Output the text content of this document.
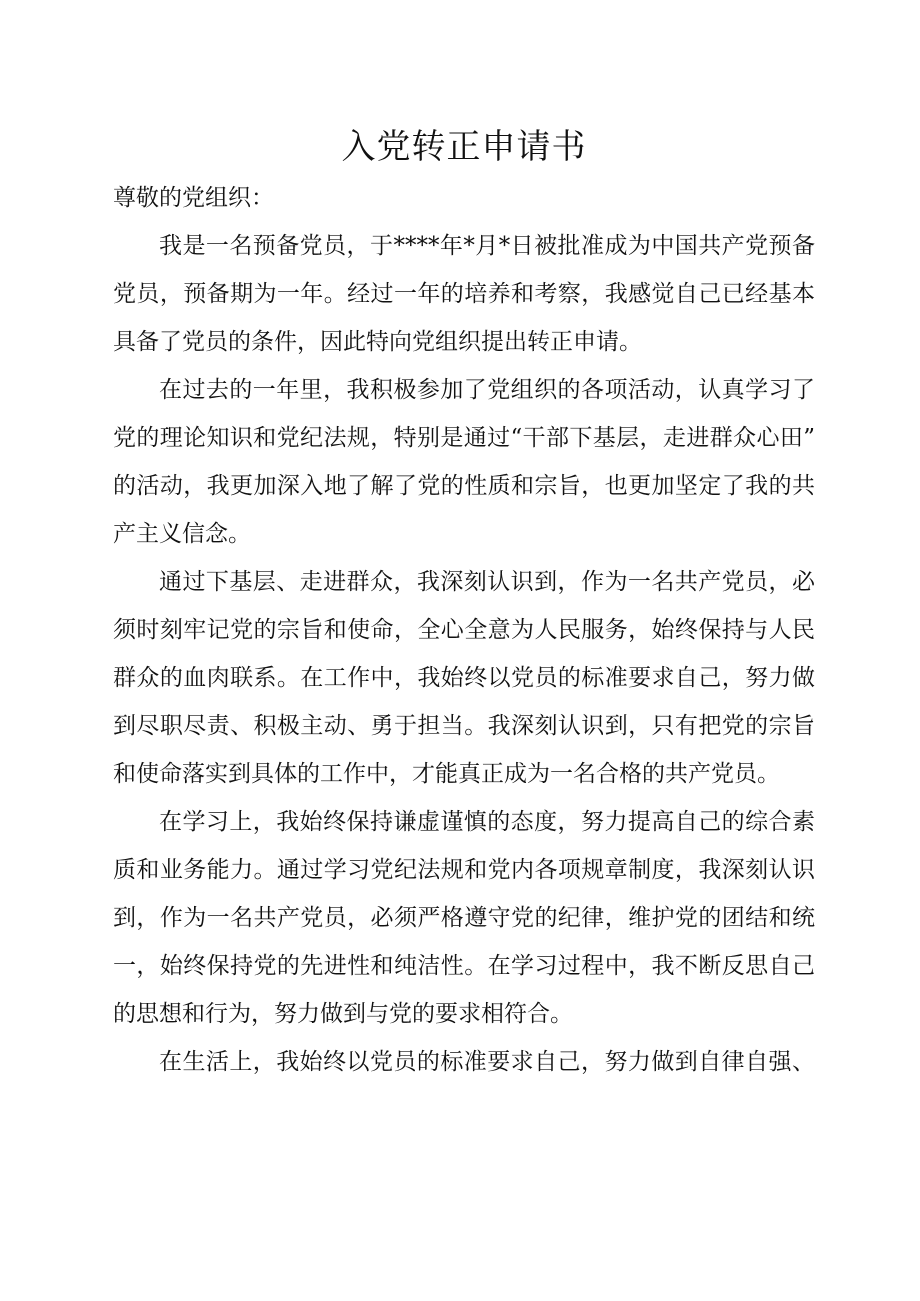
入党转正申请书
尊敬的党组织：
我是一名预备党员，于****年*月*日被批准成为中国共产党预备
党员，预备期为一年。经过一年的培养和考察，我感觉自己已经基本
具备了党员的条件，因此特向党组织提出转正申请。
在过去的一年里，我积极参加了党组织的各项活动，认真学习了
党的理论知识和党纪法规，特别是通过“干部下基层，走进群众心田”
的活动，我更加深入地了解了党的性质和宗旨，也更加坚定了我的共
产主义信念。
通过下基层、走进群众，我深刻认识到，作为一名共产党员，必
须时刻牢记党的宗旨和使命，全心全意为人民服务，始终保持与人民
群众的血肉联系。在工作中，我始终以党员的标准要求自己，努力做
到尽职尽责、积极主动、勇于担当。我深刻认识到，只有把党的宗旨
和使命落实到具体的工作中，才能真正成为一名合格的共产党员。
在学习上，我始终保持谦虚谨慎的态度，努力提高自己的综合素
质和业务能力。通过学习党纪法规和党内各项规章制度，我深刻认识
到，作为一名共产党员，必须严格遵守党的纪律，维护党的团结和统
一，始终保持党的先进性和纯洁性。在学习过程中，我不断反思自己
的思想和行为，努力做到与党的要求相符合。
在生活上，我始终以党员的标准要求自己，努力做到自律自强、
